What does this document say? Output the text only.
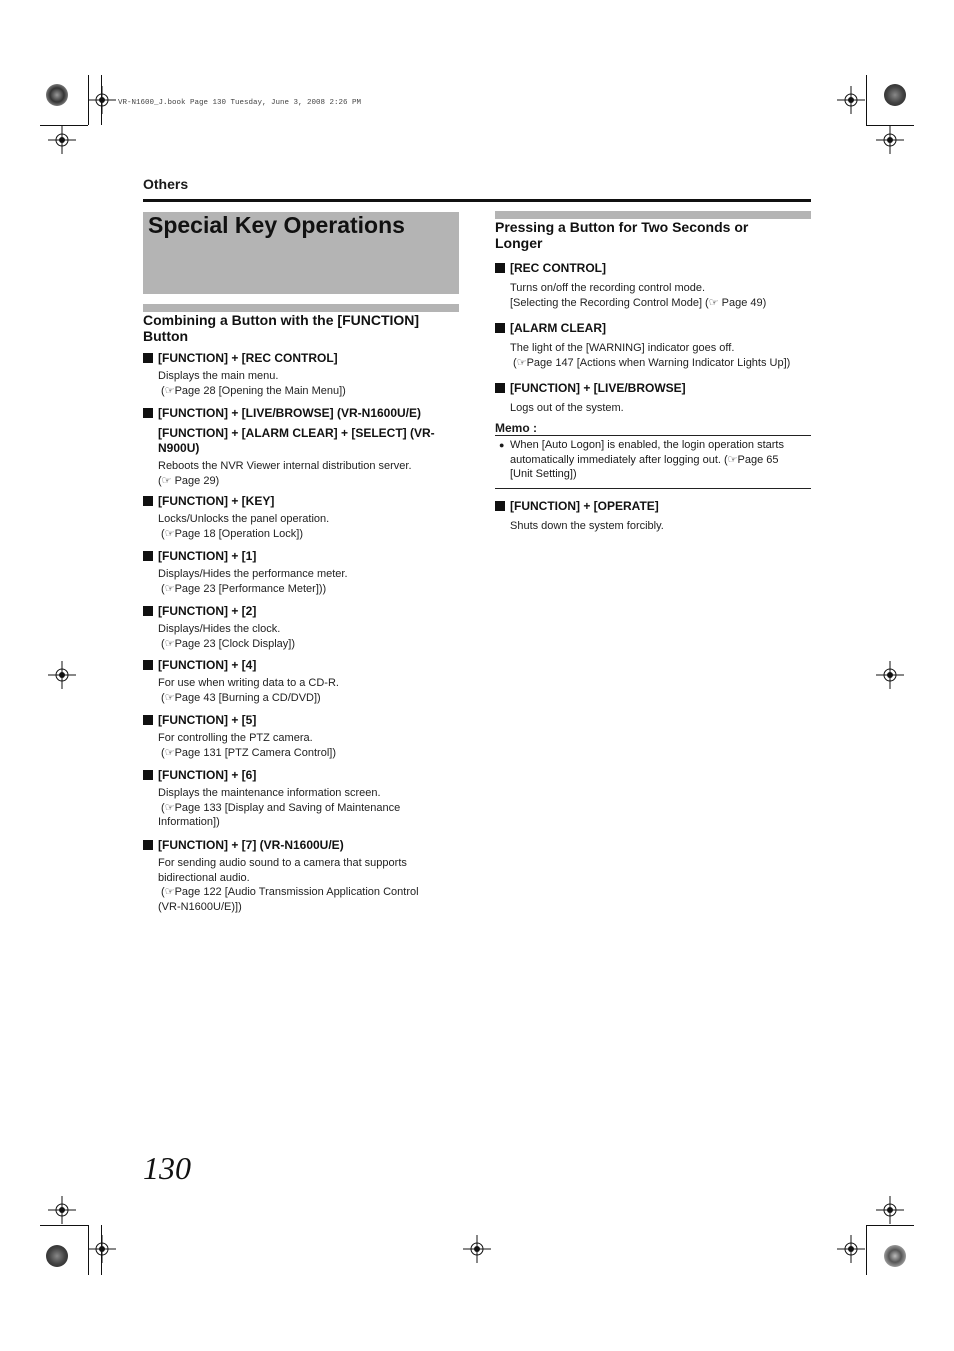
VR-N1600_J.book Page 130 Tuesday, June 3, 2008 2:26 PM
Others
Special Key Operations
Combining a Button with the [FUNCTION] Button
[FUNCTION] + [REC CONTROL]
Displays the main menu.
(☞Page 28 [Opening the Main Menu])
[FUNCTION] + [LIVE/BROWSE] (VR-N1600U/E)
[FUNCTION] + [ALARM CLEAR] + [SELECT] (VR-N900U)
Reboots the NVR Viewer internal distribution server.
(☞ Page 29)
[FUNCTION] + [KEY]
Locks/Unlocks the panel operation.
(☞Page 18 [Operation Lock])
[FUNCTION] + [1]
Displays/Hides the performance meter.
(☞Page 23 [Performance Meter]))
[FUNCTION] + [2]
Displays/Hides the clock.
(☞Page 23 [Clock Display])
[FUNCTION] + [4]
For use when writing data to a CD-R.
(☞Page 43 [Burning a CD/DVD])
[FUNCTION] + [5]
For controlling the PTZ camera.
(☞Page 131 [PTZ Camera Control])
[FUNCTION] + [6]
Displays the maintenance information screen.
(☞Page 133 [Display and Saving of Maintenance
Information])
[FUNCTION] + [7] (VR-N1600U/E)
For sending audio sound to a camera that supports
bidirectional audio.
(☞Page 122 [Audio Transmission Application Control
(VR-N1600U/E)])
Pressing a Button for Two Seconds or Longer
[REC CONTROL]
Turns on/off the recording control mode.
[Selecting the Recording Control Mode] (☞ Page 49)
[ALARM CLEAR]
The light of the [WARNING] indicator goes off.
(☞Page 147 [Actions when Warning Indicator Lights Up])
[FUNCTION] + [LIVE/BROWSE]
Logs out of the system.
[FUNCTION] + [OPERATE]
Shuts down the system forcibly.
Memo :
● When [Auto Logon] is enabled, the login operation starts
automatically immediately after logging out. (☞Page 65
[Unit Setting])
130
